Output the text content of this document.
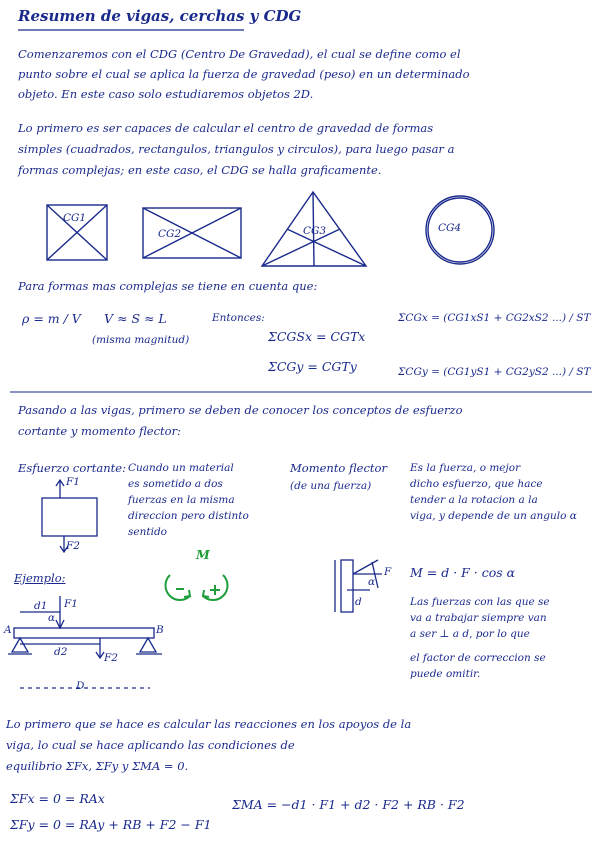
Resumen de vigas, cerchas y CDG
Comenzaremos con el CDG (Centro De Gravedad), el cual se define como el
punto sobre el cual se aplica la fuerza de gravedad (peso) en un determinado
objeto. En este caso solo estudiaremos objetos 2D.
Lo primero es ser capaces de calcular el centro de gravedad de formas
simples (cuadrados, rectangulos, triangulos y circulos), para luego pasar a
formas complejas; en este caso, el CDG se halla graficamente.
CG1
CG2	CG3	CG4
Para formas mas complejas se tiene en cuenta que:
ρ = m / V V ≈ S ≈ L
(misma magnitud)
Entonces:
ΣCGSx = CGTx
ΣCGy = CGTy
ΣCGx = (CG1xS1 + CG2xS2 ...) / ST
ΣCGy = (CG1yS1 + CG2yS2 ...) / ST
Pasando a las vigas, primero se deben de conocer los conceptos de esfuerzo
cortante y momento flector:
Esfuerzo cortante: Cuando un material
es sometido a dos
fuerzas en la misma
direccion pero distinto
sentido
F1
F2
Momento flector
(de una fuerza)
Es la fuerza, o mejor
dicho esfuerzo, que hace
tender a la rotacion a la
viga, y depende de un angulo α
M
M = d · F · cos α
Las fuerzas con las que se
va a trabajar siempre van
a ser ⊥ a d, por lo que
el factor de correccion se
puede omitir.
d
F
α
Ejemplo:
A	B
F1
F2
d1
d2
D
α
Lo primero que se hace es calcular las reacciones en los apoyos de la
viga, lo cual se hace aplicando las condiciones de
equilibrio ΣFx, ΣFy y ΣMA = 0.
ΣFx = 0 = RAx
ΣFy = 0 = RAy + RB + F2 − F1
ΣMA = −d1 · F1 + d2 · F2 + RB · F2
